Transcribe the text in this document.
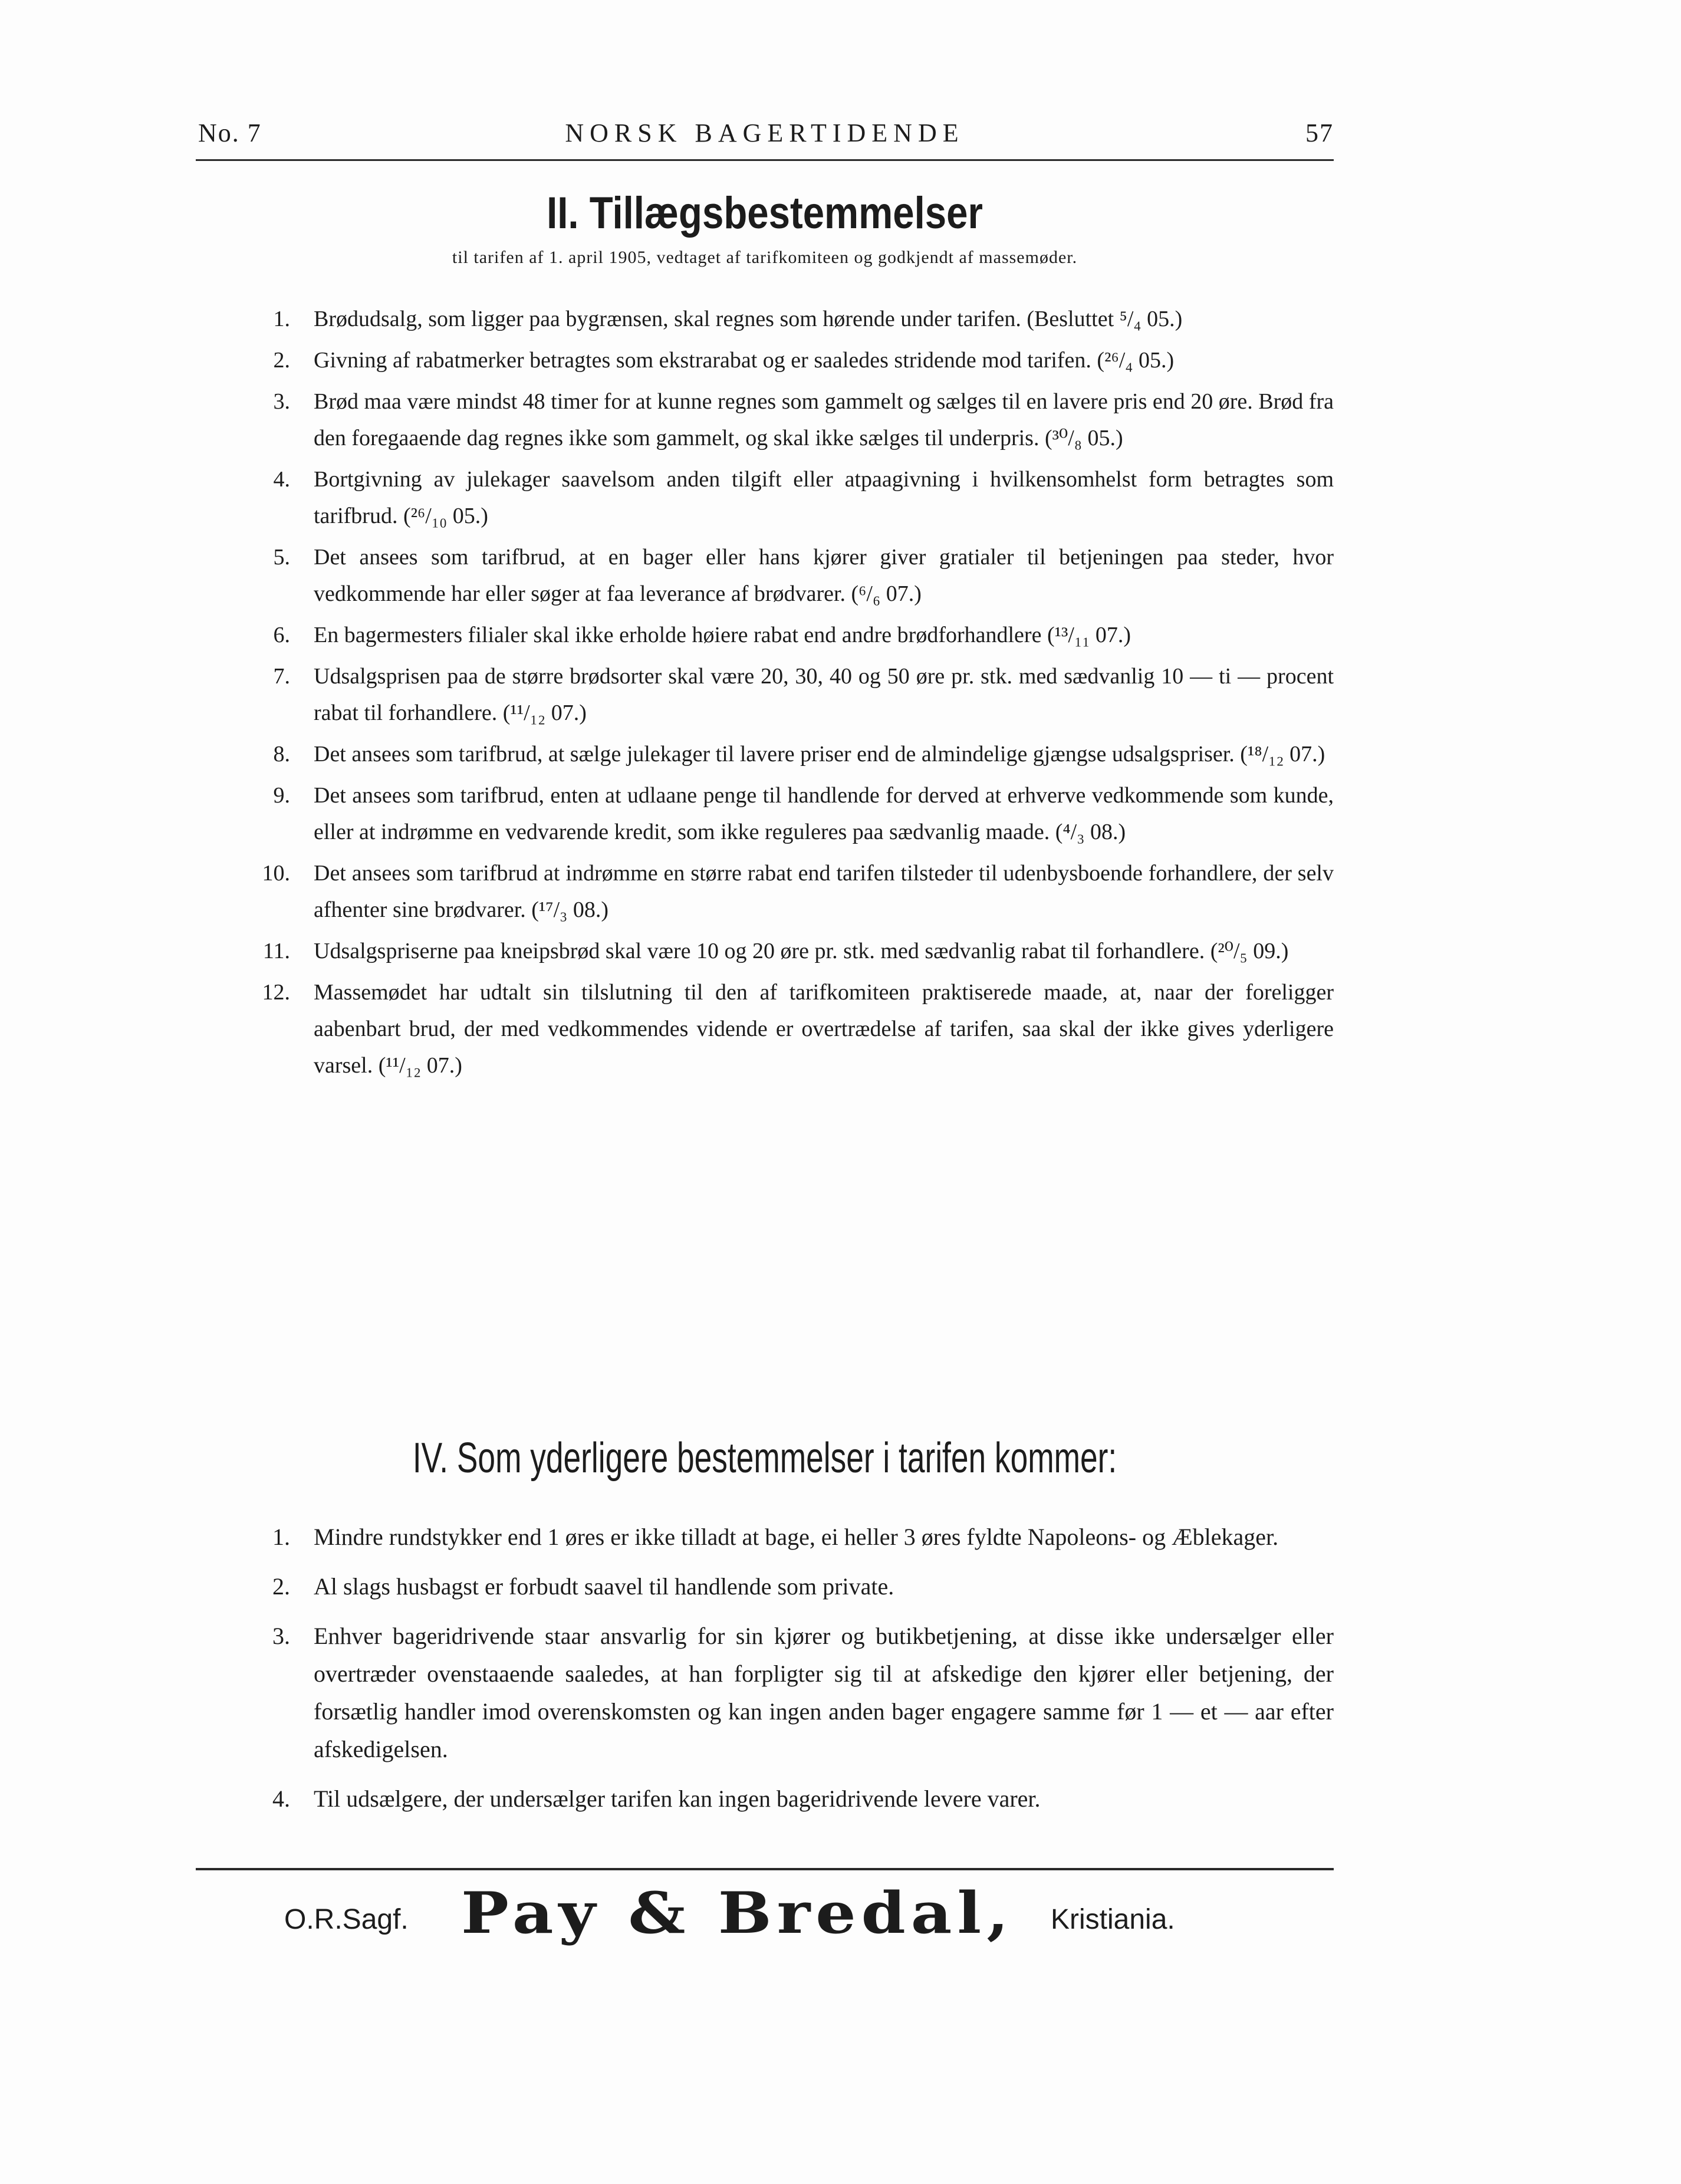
No. 7	NORSK BAGERTIDENDE	57
II. Tillægsbestemmelser
til tarifen af 1. april 1905, vedtaget af tarifkomiteen og godkjendt af massemøder.
1. Brødudsalg, som ligger paa bygrænsen, skal regnes som hørende under tarifen. (Besluttet ⁵/₄ 05.)
2. Givning af rabatmerker betragtes som ekstrarabat og er saaledes stridende mod tarifen. (²⁶/₄ 05.)
3. Brød maa være mindst 48 timer for at kunne regnes som gammelt og sælges til en lavere pris end 20 øre. Brød fra den foregaaende dag regnes ikke som gammelt, og skal ikke sælges til underpris. (³⁰/₈ 05.)
4. Bortgivning av julekager saavelsom anden tilgift eller atpaagivning i hvilkensomhelst form betragtes som tarifbrud. (²⁶/₁₀ 05.)
5. Det ansees som tarifbrud, at en bager eller hans kjører giver gratialer til betjeningen paa steder, hvor vedkommende har eller søger at faa leverance af brødvarer. (⁶/₆ 07.)
6. En bagermesters filialer skal ikke erholde høiere rabat end andre brødforhandlere (¹³/₁₁ 07.)
7. Udsalgsprisen paa de større brødsorter skal være 20, 30, 40 og 50 øre pr. stk. med sædvanlig 10 — ti — procent rabat til forhandlere. (¹¹/₁₂ 07.)
8. Det ansees som tarifbrud, at sælge julekager til lavere priser end de almindelige gjængse udsalgspriser. (¹⁸/₁₂ 07.)
9. Det ansees som tarifbrud, enten at udlaane penge til handlende for derved at erhverve vedkommende som kunde, eller at indrømme en vedvarende kredit, som ikke reguleres paa sædvanlig maade. (⁴/₃ 08.)
10. Det ansees som tarifbrud at indrømme en større rabat end tarifen tilsteder til udenbysboende forhandlere, der selv afhenter sine brødvarer. (¹⁷/₃ 08.)
11. Udsalgspriserne paa kneipsbrød skal være 10 og 20 øre pr. stk. med sædvanlig rabat til forhandlere. (²⁰/₅ 09.)
12. Massemødet har udtalt sin tilslutning til den af tarifkomiteen praktiserede maade, at, naar der foreligger aabenbart brud, der med vedkommendes vidende er overtrædelse af tarifen, saa skal der ikke gives yderligere varsel. (¹¹/₁₂ 07.)
IV. Som yderligere bestemmelser i tarifen kommer:
1. Mindre rundstykker end 1 øres er ikke tilladt at bage, ei heller 3 øres fyldte Napoleons- og Æblekager.
2. Al slags husbagst er forbudt saavel til handlende som private.
3. Enhver bageridrivende staar ansvarlig for sin kjører og butikbetjening, at disse ikke undersælger eller overtræder ovenstaaende saaledes, at han forpligter sig til at afskedige den kjører eller betjening, der forsætlig handler imod overenskomsten og kan ingen anden bager engagere samme før 1 — et — aar efter afskedigelsen.
4. Til udsælgere, der undersælger tarifen kan ingen bageridrivende levere varer.
O.R.Sagf. Pay & Bredal, Kristiania.
